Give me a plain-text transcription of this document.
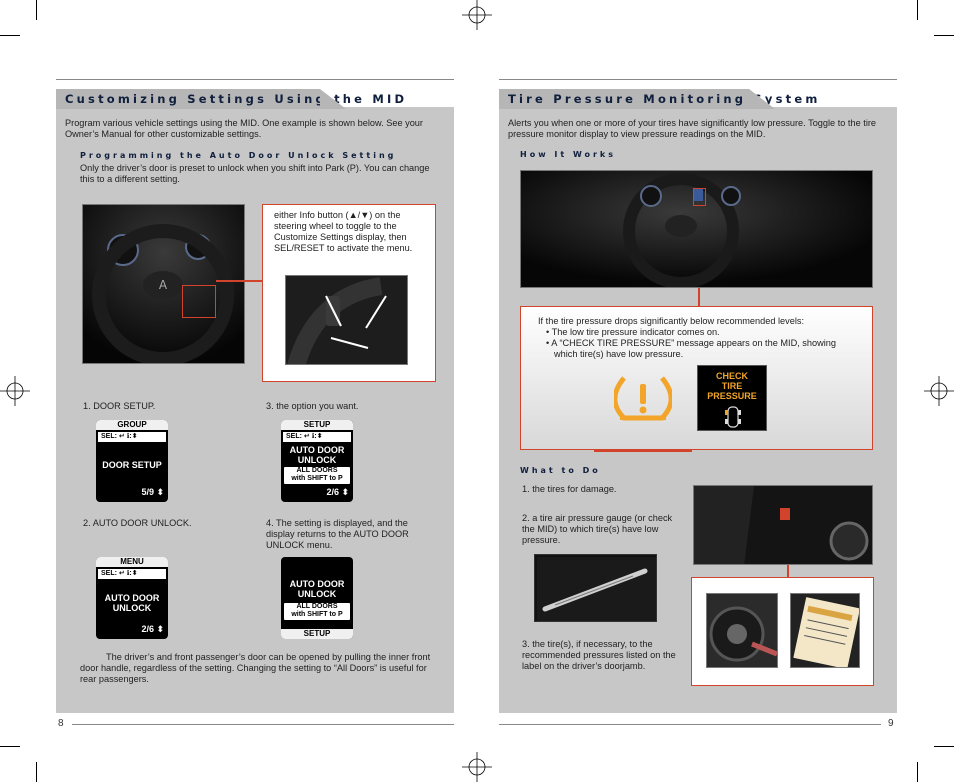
Customizing Settings Using the MID
Program various vehicle settings using the MID. One example is shown below. See your Owner’s Manual for other customizable settings.
Programming the Auto Door Unlock Setting
Only the driver’s door is preset to unlock when you shift into Park (P). You can change this to a different setting.
A
either Info button (▲/▼) on the steering wheel to toggle to the Customize Settings display, then SEL/RESET to activate the menu.
1. DOOR SETUP.	3. the option you want.
GROUP
SEL: ↵ ℹ:⬍
DOOR SETUP
5/9 ⬍
SETUP
SEL: ↵ ℹ:⬍
AUTO DOOR
UNLOCK
ALL DOORS
with SHIFT to P
2/6 ⬍
2. AUTO DOOR UNLOCK.	4. The setting is displayed, and the display returns to the AUTO DOOR UNLOCK menu.
MENU
SEL: ↵ ℹ:⬍
AUTO DOOR
UNLOCK
2/6 ⬍
AUTO DOOR
UNLOCK
ALL DOORS
with SHIFT to P
SETUP
The driver’s and front passenger’s door can be opened by pulling the inner front door handle, regardless of the setting. Changing the setting to “All Doors” is useful for rear passengers.
8
Tire Pressure Monitoring System
Alerts you when one or more of your tires have significantly low pressure. Toggle to the tire pressure monitor display to view pressure readings on the MID.
How It Works
If the tire pressure drops significantly below recommended levels:
• The low tire pressure indicator comes on.
• A “CHECK TIRE PRESSURE” message appears on the MID, showing which tire(s) have low pressure.
CHECK
TIRE
PRESSURE
What to Do
1. the tires for damage.
2. a tire air pressure gauge (or check the MID) to which tire(s) have low pressure.
3. the tire(s), if necessary, to the recommended pressures listed on the label on the driver’s doorjamb.
9
